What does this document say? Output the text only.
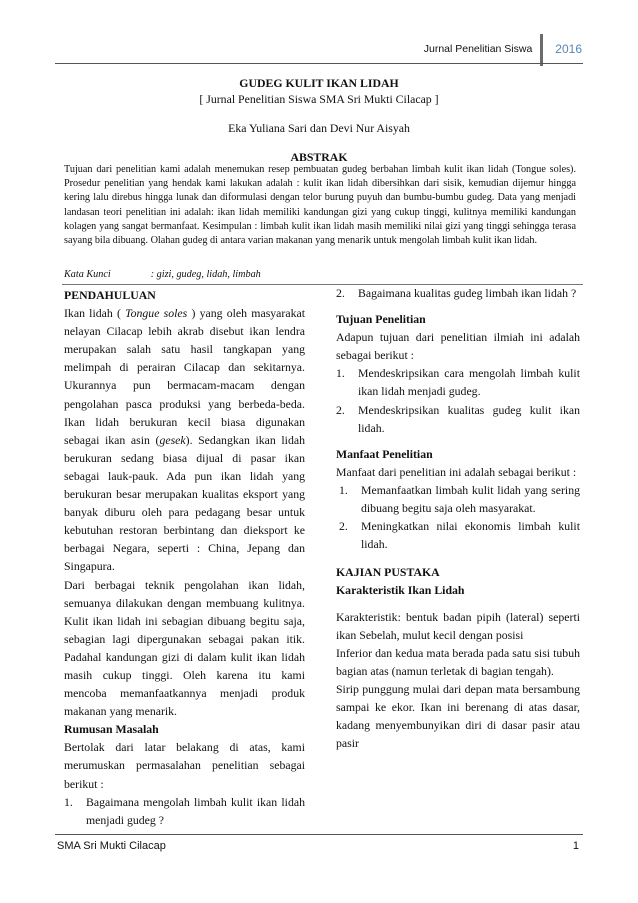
Jurnal Penelitian Siswa	2016
GUDEG KULIT IKAN LIDAH
[ Jurnal Penelitian Siswa SMA Sri Mukti Cilacap ]
Eka Yuliana Sari dan Devi Nur Aisyah
ABSTRAK
Tujuan dari penelitian kami adalah menemukan resep pembuatan gudeg berbahan limbah kulit ikan lidah (Tongue soles). Prosedur penelitian yang hendak kami lakukan adalah : kulit ikan lidah dibersihkan dari sisik, kemudian dijemur hingga kering lalu direbus hingga lunak dan diformulasi dengan telor burung puyuh dan bumbu-bumbu gudeg. Data yang menjadi landasan teori penelitian ini adalah: ikan lidah memiliki kandungan gizi yang cukup tinggi, kulitnya memiliki kandungan kolagen yang sangat bermanfaat. Kesimpulan : limbah kulit ikan lidah masih memiliki nilai gizi yang tinggi sehingga terasa sayang bila dibuang. Olahan gudeg di antara varian makanan yang menarik untuk mengolah limbah kulit ikan lidah.
Kata Kunci	: gizi, gudeg, lidah, limbah

PENDAHULUAN

Ikan lidah ( Tongue soles ) yang oleh masyarakat nelayan Cilacap lebih akrab disebut ikan lendra merupakan salah satu hasil tangkapan yang melimpah di perairan Cilacap dan sekitarnya. Ukurannya pun bermacam-macam dengan pengolahan pasca produksi yang berbeda-beda. Ikan lidah berukuran kecil biasa digunakan sebagai ikan asin (gesek). Sedangkan ikan lidah berukuran sedang biasa dijual di pasar ikan sebagai lauk-pauk. Ada pun ikan lidah yang berukuran besar merupakan kualitas eksport yang banyak diburu oleh para pedagang besar untuk kebutuhan restoran berbintang dan dieksport ke berbagai Negara, seperti : China, Jepang dan Singapura.

Dari berbagai teknik pengolahan ikan lidah, semuanya dilakukan dengan membuang kulitnya. Kulit ikan lidah ini sebagian dibuang begitu saja, sebagian lagi dipergunakan sebagai pakan itik. Padahal kandungan gizi di dalam kulit ikan lidah masih cukup tinggi. Oleh karena itu kami mencoba memanfaatkannya menjadi produk makanan yang menarik.

Rumusan Masalah

Bertolak dari latar belakang di atas, kami merumuskan permasalahan penelitian sebagai berikut :

1.	Bagaimana mengolah limbah kulit ikan lidah menjadi gudeg ?
2.	Bagaimana kualitas gudeg limbah ikan lidah ?

Tujuan Penelitian

Adapun tujuan dari penelitian ilmiah ini adalah sebagai berikut :

1.	Mendeskripsikan cara mengolah limbah kulit ikan lidah menjadi gudeg.
2.	Mendeskripsikan kualitas gudeg kulit ikan lidah.

Manfaat Penelitian

Manfaat dari penelitian ini adalah sebagai berikut :

1.	Memanfaatkan limbah kulit lidah yang sering dibuang begitu saja oleh masyarakat.
2.	Meningkatkan nilai ekonomis limbah kulit lidah.

KAJIAN PUSTAKA

Karakteristik Ikan Lidah

Karakteristik: bentuk badan pipih (lateral) seperti ikan Sebelah, mulut kecil dengan posisi

Inferior dan kedua mata berada pada satu sisi tubuh bagian atas (namun terletak di bagian tengah).

Sirip punggung mulai dari depan mata bersambung sampai ke ekor. Ikan ini berenang di atas dasar, kadang menyembunyikan diri di dasar pasir atau pasir

SMA Sri Mukti Cilacap	1
